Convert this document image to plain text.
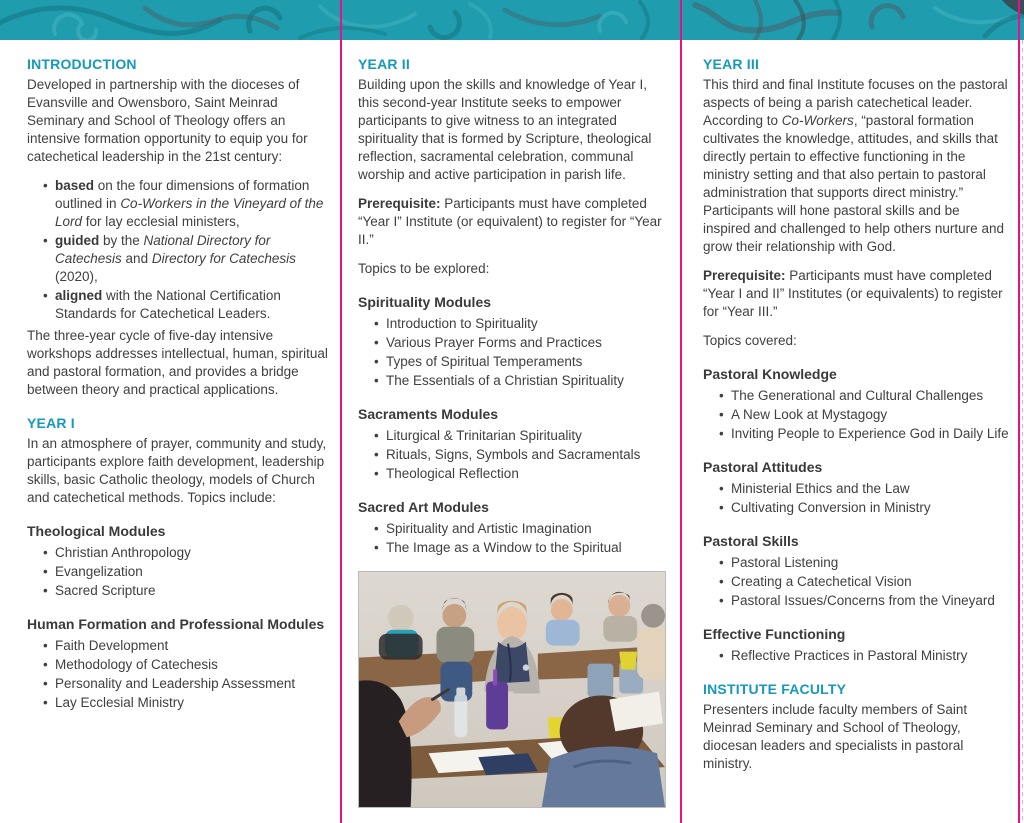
INTRODUCTION

Developed in partnership with the dioceses of Evansville and Owensboro, Saint Meinrad Seminary and School of Theology offers an intensive formation opportunity to equip you for catechetical leadership in the 21st century:

• based on the four dimensions of formation outlined in Co-Workers in the Vineyard of the Lord for lay ecclesial ministers,
• guided by the National Directory for Catechesis and Directory for Catechesis (2020),
• aligned with the National Certification Standards for Catechetical Leaders.

The three-year cycle of five-day intensive workshops addresses intellectual, human, spiritual and pastoral formation, and provides a bridge between theory and practical applications.

YEAR I

In an atmosphere of prayer, community and study, participants explore faith development, leadership skills, basic Catholic theology, models of Church and catechetical methods. Topics include:

Theological Modules
• Christian Anthropology
• Evangelization
• Sacred Scripture
Human Formation and Professional Modules
• Faith Development
• Methodology of Catechesis
• Personality and Leadership Assessment
• Lay Ecclesial Ministry
YEAR II

Building upon the skills and knowledge of Year I, this second-year Institute seeks to empower participants to give witness to an integrated spirituality that is formed by Scripture, theological reflection, sacramental celebration, communal worship and active participation in parish life.

Prerequisite: Participants must have completed “Year I” Institute (or equivalent) to register for “Year II.”

Topics to be explored:

Spirituality Modules
• Introduction to Spirituality
• Various Prayer Forms and Practices
• Types of Spiritual Temperaments
• The Essentials of a Christian Spirituality
Sacraments Modules
• Liturgical & Trinitarian Spirituality
• Rituals, Signs, Symbols and Sacramentals
• Theological Reflection
Sacred Art Modules
• Spirituality and Artistic Imagination
• The Image as a Window to the Spiritual
YEAR III

This third and final Institute focuses on the pastoral aspects of being a parish catechetical leader. According to Co-Workers, “pastoral formation cultivates the knowledge, attitudes, and skills that directly pertain to effective functioning in the ministry setting and that also pertain to pastoral administration that supports direct ministry.” Participants will hone pastoral skills and be inspired and challenged to help others nurture and grow their relationship with God.

Prerequisite: Participants must have completed “Year I and II” Institutes (or equivalents) to register for “Year III.”

Topics covered:

Pastoral Knowledge
• The Generational and Cultural Challenges
• A New Look at Mystagogy
• Inviting People to Experience God in Daily Life
Pastoral Attitudes
• Ministerial Ethics and the Law
• Cultivating Conversion in Ministry
Pastoral Skills
• Pastoral Listening
• Creating a Catechetical Vision
• Pastoral Issues/Concerns from the Vineyard
Effective Functioning
• Reflective Practices in Pastoral Ministry
INSTITUTE FACULTY

Presenters include faculty members of Saint Meinrad Seminary and School of Theology, diocesan leaders and specialists in pastoral ministry.
